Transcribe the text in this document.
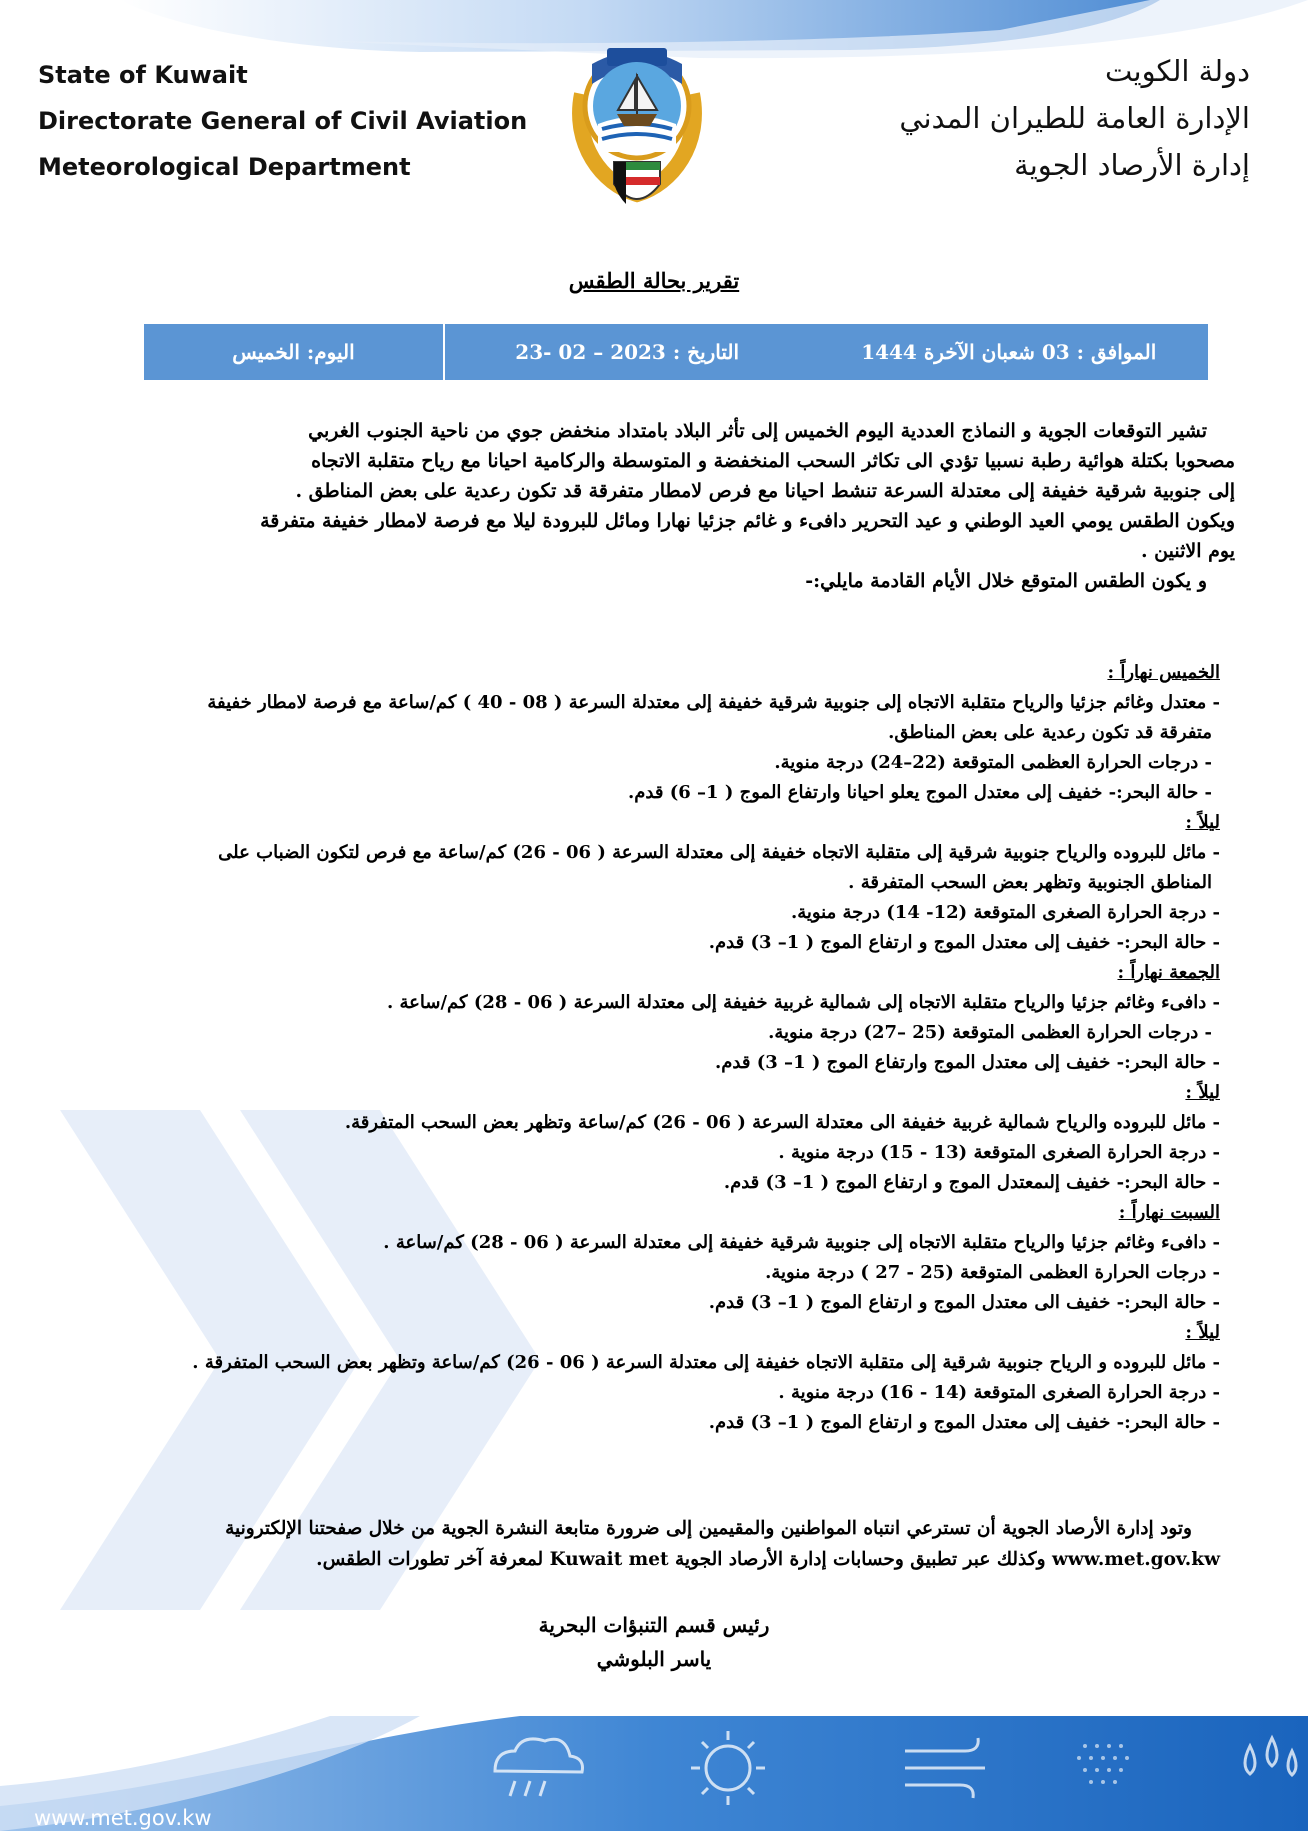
State of Kuwait
Directorate General of Civil Aviation
Meteorological Department
دولة الكويت
الإدارة العامة للطيران المدني
إدارة الأرصاد الجوية
تقرير بحالة الطقس
اليوم: الخميس	التاريخ : 2023 – 02 -23	الموافق : 03 شعبان الآخرة 1444

تشير التوقعات الجوية و النماذج العددية اليوم الخميس إلى تأثر البلاد بامتداد منخفض جوي من ناحية الجنوب الغربي

مصحوبا بكتلة هوائية رطبة نسبيا تؤدي الى تكاثر السحب المنخفضة و المتوسطة والركامية احيانا مع رياح متقلبة الاتجاه

إلى جنوبية شرقية خفيفة إلى معتدلة السرعة تنشط احيانا مع فرص لامطار متفرقة قد تكون رعدية على بعض المناطق .

ويكون الطقس يومي العيد الوطني و عيد التحرير دافىء و غائم جزئيا نهارا ومائل للبرودة ليلا مع فرصة لامطار خفيفة متفرقة

يوم الاثنين .

و يكون الطقس المتوقع خلال الأيام القادمة مايلي:-

الخميس نهاراً :

- معتدل وغائم جزئيا والرياح متقلبة الاتجاه إلى جنوبية شرقية خفيفة إلى معتدلة السرعة ( 08 - 40 ) كم/ساعة مع فرصة لامطار خفيفة

متفرقة قد تكون رعدية على بعض المناطق.

- درجات الحرارة العظمى المتوقعة (22–24) درجة منوية.

- حالة البحر:- خفيف إلى معتدل الموج يعلو احيانا وارتفاع الموج ( 1– 6) قدم.

ليلاً :

- مائل للبروده والرياح جنوبية شرقية إلى متقلبة الاتجاه خفيفة إلى معتدلة السرعة ( 06 - 26) كم/ساعة مع فرص لتكون الضباب على

المناطق الجنوبية وتظهر بعض السحب المتفرقة .

- درجة الحرارة الصغرى المتوقعة (12- 14) درجة منوية.

- حالة البحر:- خفيف إلى معتدل الموج و ارتفاع الموج ( 1– 3) قدم.

الجمعة نهاراً :

- دافىء وغائم جزئيا والرياح متقلبة الاتجاه إلى شمالية غربية خفيفة إلى معتدلة السرعة ( 06 - 28) كم/ساعة .

- درجات الحرارة العظمى المتوقعة (25 –27) درجة منوية.

- حالة البحر:- خفيف إلى معتدل الموج وارتفاع الموج ( 1– 3) قدم.

ليلاً :

- مائل للبروده والرياح شمالية غربية خفيفة الى معتدلة السرعة ( 06 - 26) كم/ساعة وتظهر بعض السحب المتفرقة.

- درجة الحرارة الصغرى المتوقعة (13 - 15) درجة منوية .

- حالة البحر:- خفيف إلىمعتدل الموج و ارتفاع الموج ( 1– 3) قدم.

السبت نهاراً :

- دافىء وغائم جزئيا والرياح متقلبة الاتجاه إلى جنوبية شرقية خفيفة إلى معتدلة السرعة ( 06 - 28) كم/ساعة .

- درجات الحرارة العظمى المتوقعة (25 - 27 ) درجة منوية.

- حالة البحر:- خفيف الى معتدل الموج و ارتفاع الموج ( 1– 3) قدم.

ليلاً :

- مائل للبروده و الرياح جنوبية شرقية إلى متقلبة الاتجاه خفيفة إلى معتدلة السرعة ( 06 - 26) كم/ساعة وتظهر بعض السحب المتفرقة .

- درجة الحرارة الصغرى المتوقعة (14 - 16) درجة منوية .

- حالة البحر:- خفيف إلى معتدل الموج و ارتفاع الموج ( 1– 3) قدم.

وتود إدارة الأرصاد الجوية أن تسترعي انتباه المواطنين والمقيمين إلى ضرورة متابعة النشرة الجوية من خلال صفحتنا الإلكترونية

www.met.gov.kw وكذلك عبر تطبيق وحسابات إدارة الأرصاد الجوية Kuwait met لمعرفة آخر تطورات الطقس.

رئيس قسم التنبؤات البحرية
ياسر البلوشي
www.met.gov.kw
